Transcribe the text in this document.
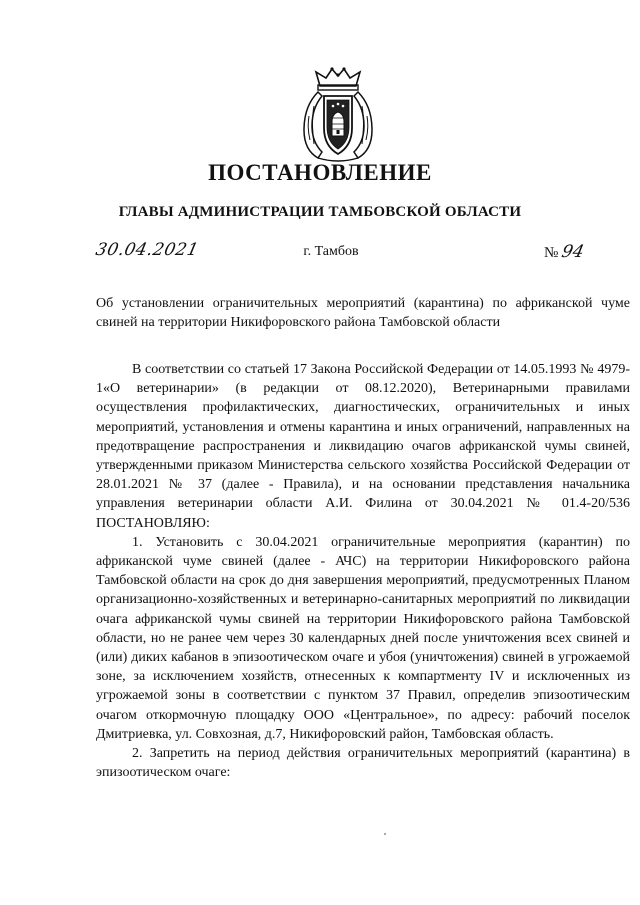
ПОСТАНОВЛЕНИЕ
ГЛАВЫ АДМИНИСТРАЦИИ ТАМБОВСКОЙ ОБЛАСТИ
30.04.2021	г. Тамбов	№ 94
Об установлении ограничительных мероприятий (карантина) по африканской чуме свиней на территории Никифоровского района Тамбовской области

В соответствии со статьей 17 Закона Российской Федерации от 14.05.1993 № 4979-1«О ветеринарии» (в редакции от 08.12.2020), Ветеринарными правилами осуществления профилактических, диагностических, ограничительных и иных мероприятий, установления и отмены карантина и иных ограничений, направленных на предотвращение распространения и ликвидацию очагов африканской чумы свиней, утвержденными приказом Министерства сельского хозяйства Российской Федерации от 28.01.2021 № 37 (далее - Правила), и на основании представления начальника управления ветеринарии области А.И. Филина от 30.04.2021 № 01.4-20/536 ПОСТАНОВЛЯЮ:

1. Установить с 30.04.2021 ограничительные мероприятия (карантин) по африканской чуме свиней (далее - АЧС) на территории Никифоровского района Тамбовской области на срок до дня завершения мероприятий, предусмотренных Планом организационно-хозяйственных и ветеринарно-санитарных мероприятий по ликвидации очага африканской чумы свиней на территории Никифоровского района Тамбовской области, но не ранее чем через 30 календарных дней после уничтожения всех свиней и (или) диких кабанов в эпизоотическом очаге и убоя (уничтожения) свиней в угрожаемой зоне, за исключением хозяйств, отнесенных к компартменту IV и исключенных из угрожаемой зоны в соответствии с пунктом 37 Правил, определив эпизоотическим очагом откормочную площадку ООО «Центральное», по адресу: рабочий поселок Дмитриевка, ул. Совхозная, д.7, Никифоровский район, Тамбовская область.

2. Запретить на период действия ограничительных мероприятий (карантина) в эпизоотическом очаге:
